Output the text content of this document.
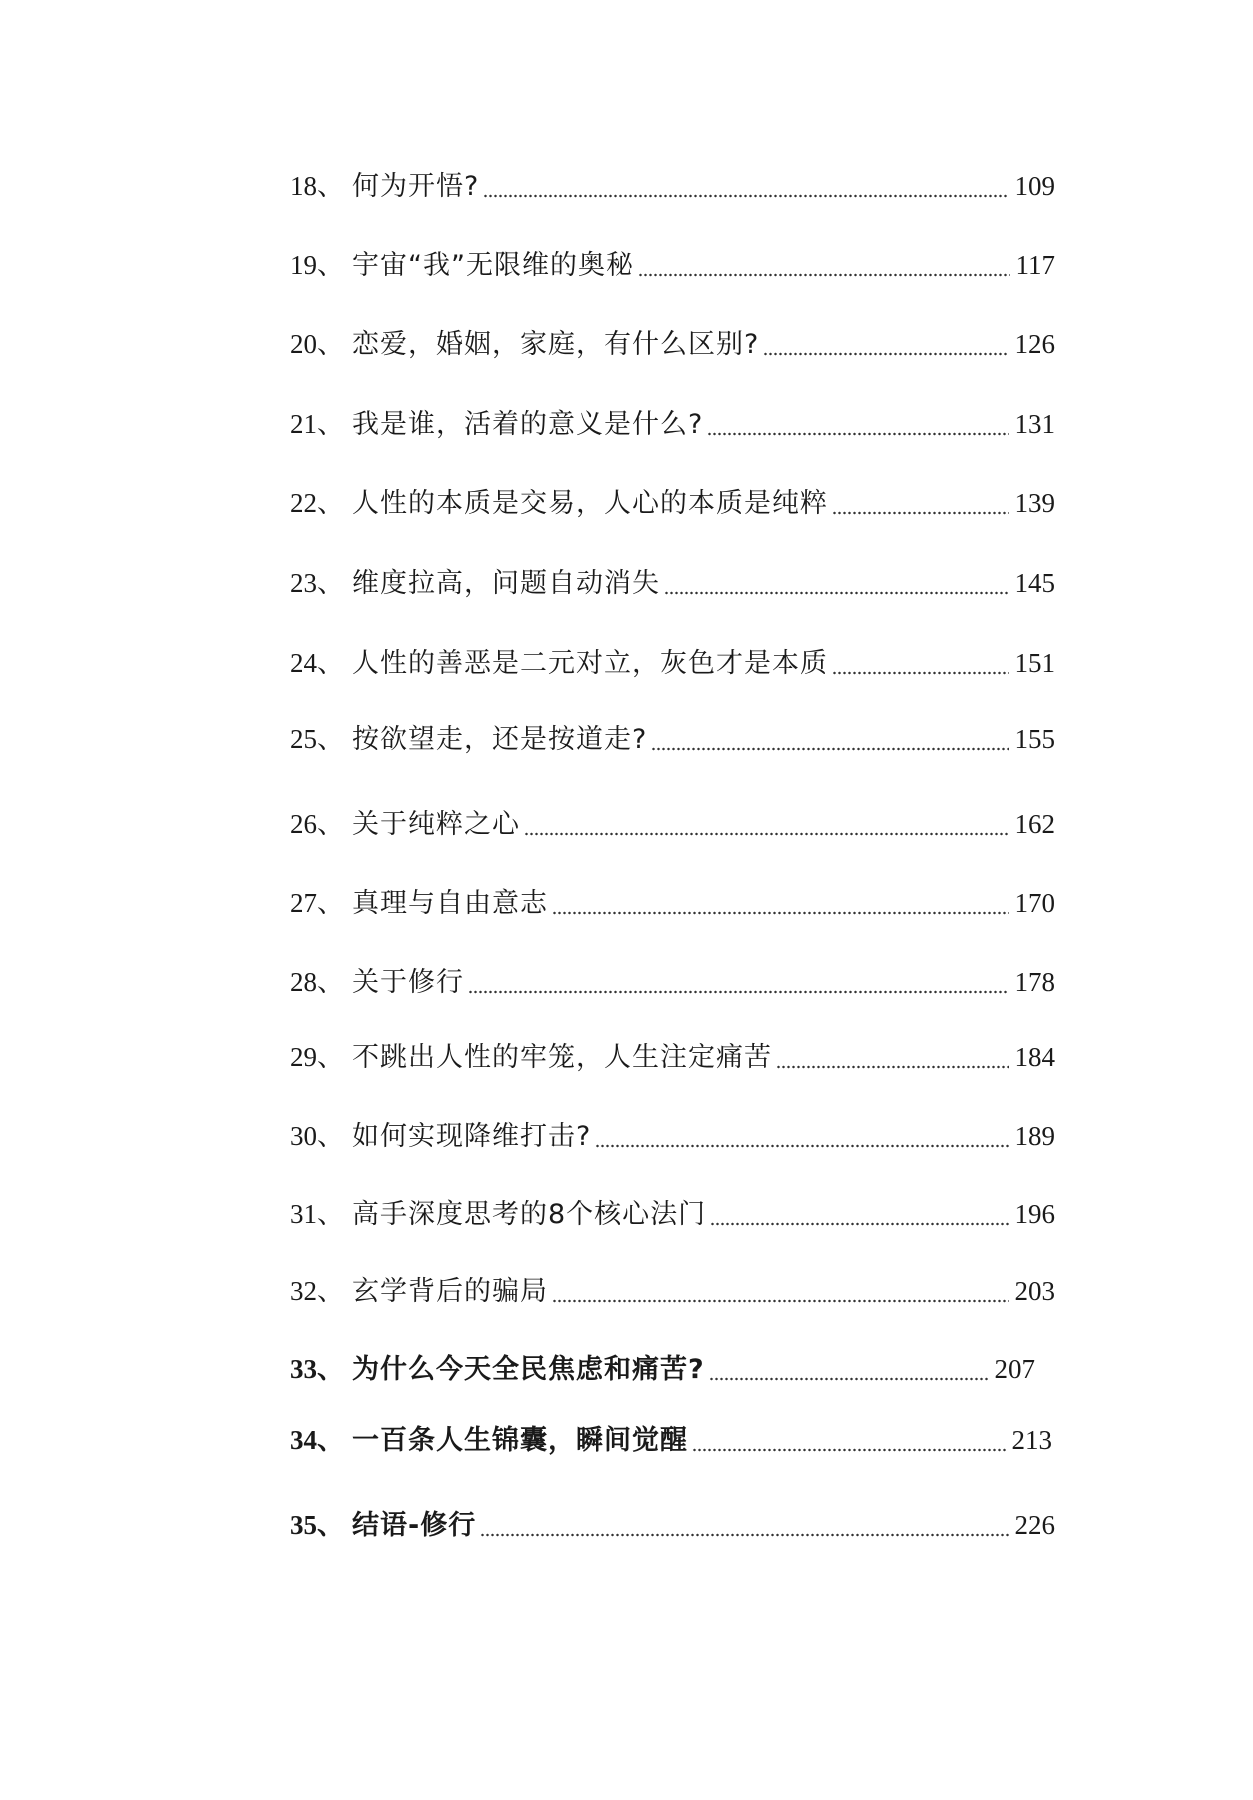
18 、 何为开悟?	109
19 、 宇宙“我”无限维的奥秘	117
20 、 恋爱，婚姻，家庭，有什么区别?	126
21 、 我是谁，活着的意义是什么?	131
22 、 人性的本质是交易，人心的本质是纯粹	139
23 、 维度拉高，问题自动消失	145
24 、 人性的善恶是二元对立，灰色才是本质	151
25 、 按欲望走，还是按道走?	155
26 、 关于纯粹之心	162
27 、 真理与自由意志	170
28 、 关于修行	178
29 、 不跳出人性的牢笼，人生注定痛苦	184
30 、 如何实现降维打击?	189
31 、 高手深度思考的8个核心法门	196
32 、 玄学背后的骗局	203
33 、 为什么今天全民焦虑和痛苦?	207
34 、 一百条人生锦囊，瞬间觉醒	213
35 、 结语-修行	226
